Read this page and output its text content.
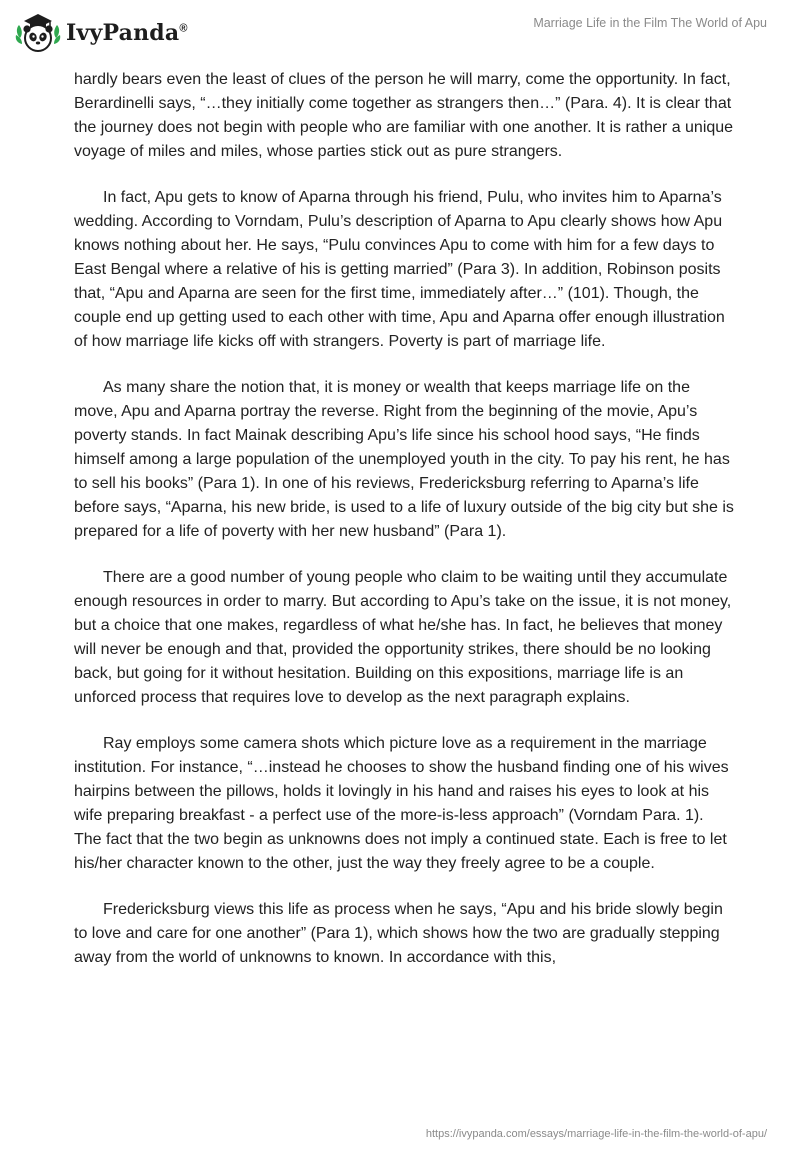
IvyPanda®	Marriage Life in the Film The World of Apu

hardly bears even the least of clues of the person he will marry, come the opportunity. In fact, Berardinelli says, “…they initially come together as strangers then…” (Para. 4). It is clear that the journey does not begin with people who are familiar with one another. It is rather a unique voyage of miles and miles, whose parties stick out as pure strangers.

In fact, Apu gets to know of Aparna through his friend, Pulu, who invites him to Aparna’s wedding. According to Vorndam, Pulu’s description of Aparna to Apu clearly shows how Apu knows nothing about her. He says, “Pulu convinces Apu to come with him for a few days to East Bengal where a relative of his is getting married” (Para 3). In addition, Robinson posits that, “Apu and Aparna are seen for the first time, immediately after…” (101). Though, the couple end up getting used to each other with time, Apu and Aparna offer enough illustration of how marriage life kicks off with strangers. Poverty is part of marriage life.

As many share the notion that, it is money or wealth that keeps marriage life on the move, Apu and Aparna portray the reverse. Right from the beginning of the movie, Apu’s poverty stands. In fact Mainak describing Apu’s life since his school hood says, “He finds himself among a large population of the unemployed youth in the city. To pay his rent, he has to sell his books” (Para 1). In one of his reviews, Fredericksburg referring to Aparna’s life before says, “Aparna, his new bride, is used to a life of luxury outside of the big city but she is prepared for a life of poverty with her new husband” (Para 1).

There are a good number of young people who claim to be waiting until they accumulate enough resources in order to marry. But according to Apu’s take on the issue, it is not money, but a choice that one makes, regardless of what he/she has. In fact, he believes that money will never be enough and that, provided the opportunity strikes, there should be no looking back, but going for it without hesitation. Building on this expositions, marriage life is an unforced process that requires love to develop as the next paragraph explains.

Ray employs some camera shots which picture love as a requirement in the marriage institution. For instance, “…instead he chooses to show the husband finding one of his wives hairpins between the pillows, holds it lovingly in his hand and raises his eyes to look at his wife preparing breakfast - a perfect use of the more-is-less approach” (Vorndam Para. 1). The fact that the two begin as unknowns does not imply a continued state. Each is free to let his/her character known to the other, just the way they freely agree to be a couple.

Fredericksburg views this life as process when he says, “Apu and his bride slowly begin to love and care for one another” (Para 1), which shows how the two are gradually stepping away from the world of unknowns to known. In accordance with this,

https://ivypanda.com/essays/marriage-life-in-the-film-the-world-of-apu/
